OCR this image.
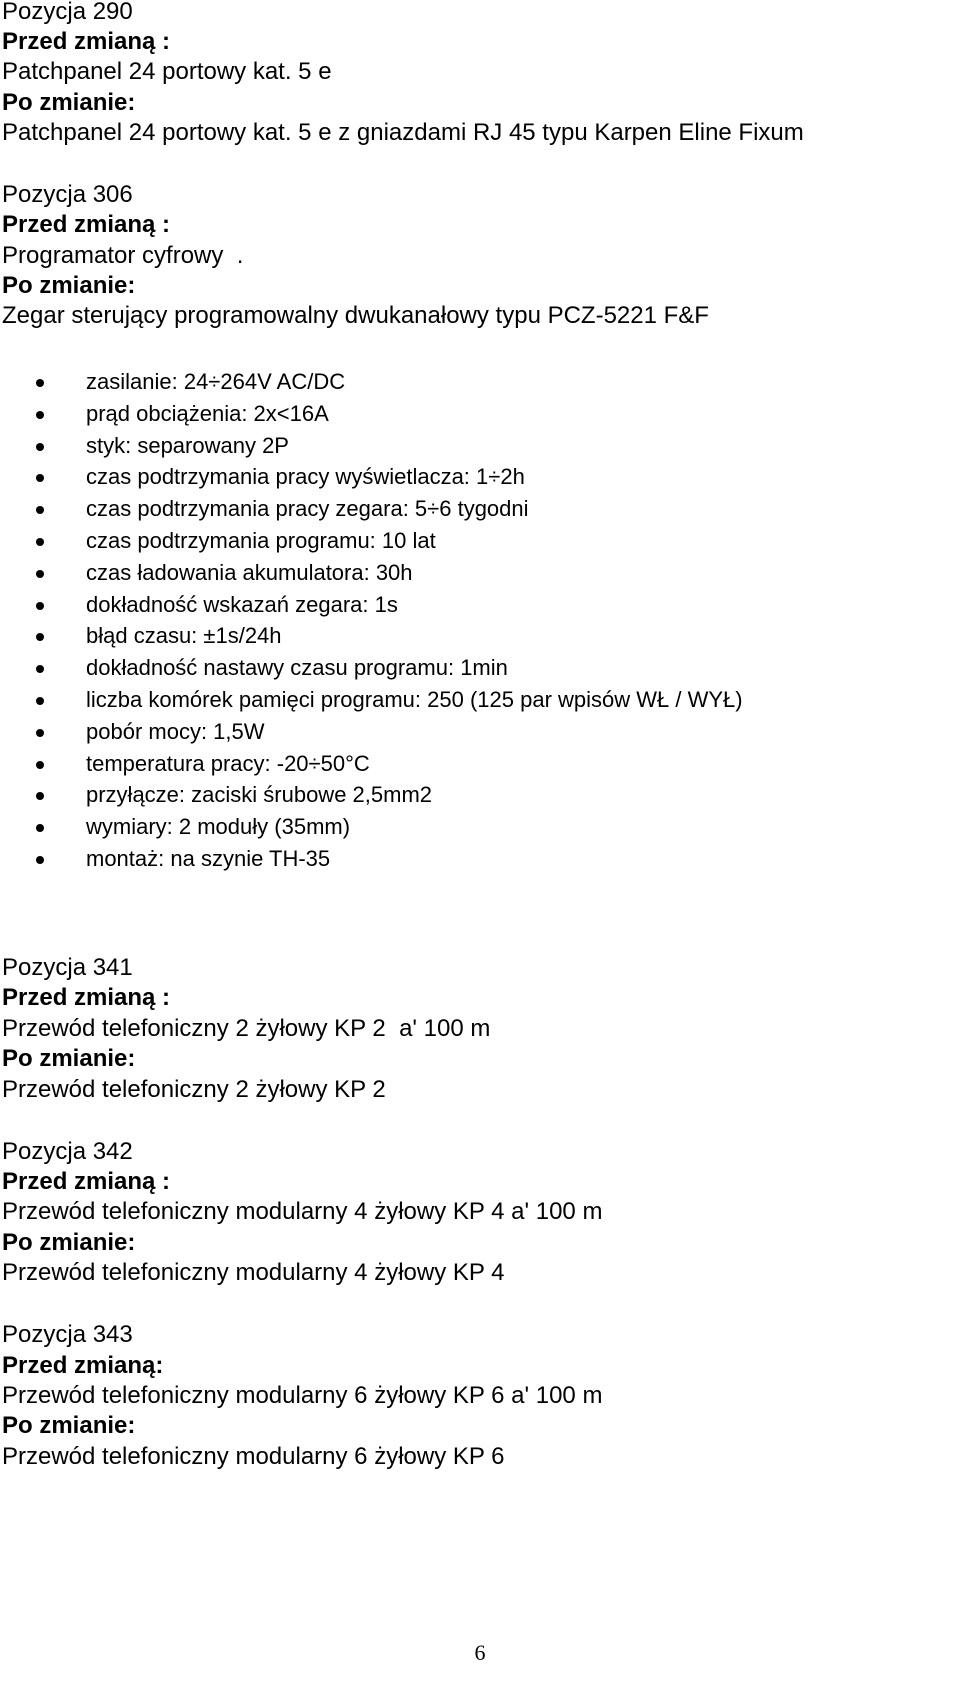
Pozycja 290

Przed zmianą :

Patchpanel 24 portowy kat. 5 e

Po zmianie:

Patchpanel 24 portowy kat. 5 e z gniazdami RJ 45 typu Karpen Eline Fixum

Pozycja 306

Przed zmianą :

Programator cyfrowy  .

Po zmianie:

Zegar sterujący programowalny dwukanałowy typu PCZ-5221 F&F

zasilanie: 24÷264V AC/DC
prąd obciążenia: 2x<16A
styk: separowany 2P
czas podtrzymania pracy wyświetlacza: 1÷2h
czas podtrzymania pracy zegara: 5÷6 tygodni
czas podtrzymania programu: 10 lat
czas ładowania akumulatora: 30h
dokładność wskazań zegara: 1s
błąd czasu: ±1s/24h
dokładność nastawy czasu programu: 1min
liczba komórek pamięci programu: 250 (125 par wpisów WŁ / WYŁ)
pobór mocy: 1,5W
temperatura pracy: -20÷50°C
przyłącze: zaciski śrubowe 2,5mm2
wymiary: 2 moduły (35mm)
montaż: na szynie TH-35

Pozycja 341

Przed zmianą :

Przewód telefoniczny 2 żyłowy KP 2  a' 100 m

Po zmianie:

Przewód telefoniczny 2 żyłowy KP 2

Pozycja 342

Przed zmianą :

Przewód telefoniczny modularny 4 żyłowy KP 4 a' 100 m

Po zmianie:

Przewód telefoniczny modularny 4 żyłowy KP 4

Pozycja 343

Przed zmianą:

Przewód telefoniczny modularny 6 żyłowy KP 6 a' 100 m

Po zmianie:

Przewód telefoniczny modularny 6 żyłowy KP 6

6
